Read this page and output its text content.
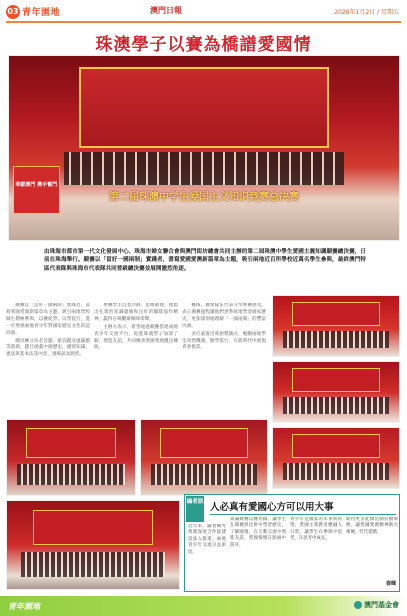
03 青年園地	澳門日報	2026年1月2日 / 星期五
珠澳學子以賽為橋譜愛國情
奉獻澳門 携手奮鬥
第二届珠澳中学生爱国主义知识竞赛总决赛
由珠海市都市第一代文化發展中心、珠海市婦女聯合會與澳門街坊總會共同主辦的第二屆珠澳中學生愛國主義知識競賽總決賽，日前在珠海舉行。競賽以「當好一國兩制」實踐者，書寫愛國愛澳新篇章為主題，吸引兩地近百所學校近萬名學生參與，最終澳門特區代表隊與珠海市代表隊共同晉級總決賽並展開激烈角逐。

競賽以「當好一國兩制」實踐者，書寫愛國愛澳新篇章為主題，吸引兩地學校師生積極參與，以賽促學、以學促行，進一步增強兩地青少年對國家歷史文化的認同感。

總決賽分為必答題、搶答題及風險題等環節，題目涵蓋中國歷史、國情知識、憲法與基本法等內容，現場氣氛熱烈。

參賽學生沉着冷靜、思維敏捷，展現出扎實的知識儲備和良好的團隊協作精神，贏得在場觀眾陣陣掌聲。

主辦方表示，希望通過競賽搭建兩地青少年交流平台，促進珠澳學子加深了解、增進友誼，共同傳承愛國愛澳優良傳統。

賽後，獲獎隊伍代表分享參賽感受，表示備賽過程讓他們更系統地學習國家歷史，更加深刻地理解「一國兩制」的豐富內涵。

多位嘉賓出席頒獎儀式，勉勵兩地學生珍惜機遇、勤學篤行，在新時代中展現青春擔當。

編者語 人必真有愛國心方可以用大事
近年來，隨着橫琴粵澳深度合作區建設深入推進，兩地青少年交流日益密切。
知識競賽以賽為橋，讓學生在備賽與比拼中學習歷史、了解國情，在互動交流中增進友誼，愛國情懷在點滴中萌芽。
青少年是國家的未來與希望，愛國主義教育應融入日常，讓學生在參與中思考，在思考中成長。
期待更多此類活動持續舉辦，讓愛國愛澳精神薪火相傳，代代延續。
春暉
青年園地	澳門基金會
